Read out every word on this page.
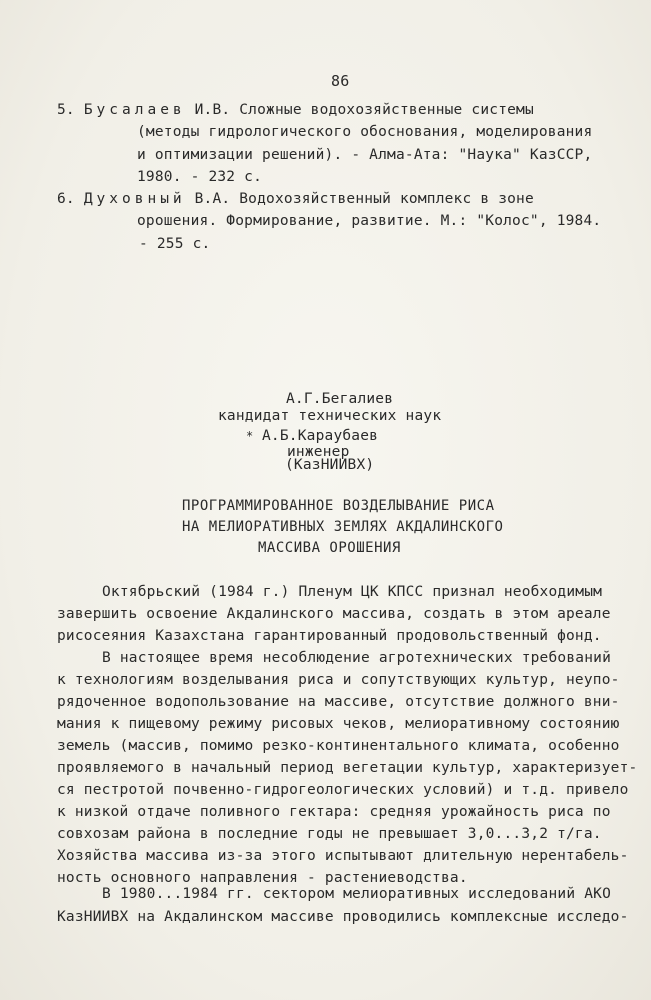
86
5. Бусалаев И.В. Сложные водохозяйственные системы
(методы гидрологического обоснования, моделирования
и оптимизации решений). - Алма-Ата: "Наука" КазССР,
1980. - 232 с.
6. Духовный В.А. Водохозяйственный комплекс в зоне
орошения. Формирование, развитие. М.: "Колос", 1984.
- 255 с.
А.Г.Бегалиев
кандидат технических наук
* А.Б.Караубаев
инженер
(КазНИИВХ)
ПРОГРАММИРОВАННОЕ ВОЗДЕЛЫВАНИЕ РИСА
НА МЕЛИОРАТИВНЫХ ЗЕМЛЯХ АКДАЛИНСКОГО
МАССИВА ОРОШЕНИЯ
Октябрьский (1984 г.) Пленум ЦК КПСС признал необходимым
завершить освоение Акдалинского массива, создать в этом ареале
рисосеяния Казахстана гарантированный продовольственный фонд.
В настоящее время несоблюдение агротехнических требований
к технологиям возделывания риса и сопутствующих культур, неупо-
рядоченное водопользование на массиве, отсутствие должного вни-
мания к пищевому режиму рисовых чеков, мелиоративному состоянию
земель (массив, помимо резко-континентального климата, особенно
проявляемого в начальный период вегетации культур, характеризует-
ся пестротой почвенно-гидрогеологических условий) и т.д. привело
к низкой отдаче поливного гектара: средняя урожайность риса по
совхозам района в последние годы не превышает 3,0...3,2 т/га.
Хозяйства массива из-за этого испытывают длительную нерентабель-
ность основного направления - растениеводства.
В 1980...1984 гг. сектором мелиоративных исследований АКО
КазНИИВХ на Акдалинском массиве проводились комплексные исследо-
